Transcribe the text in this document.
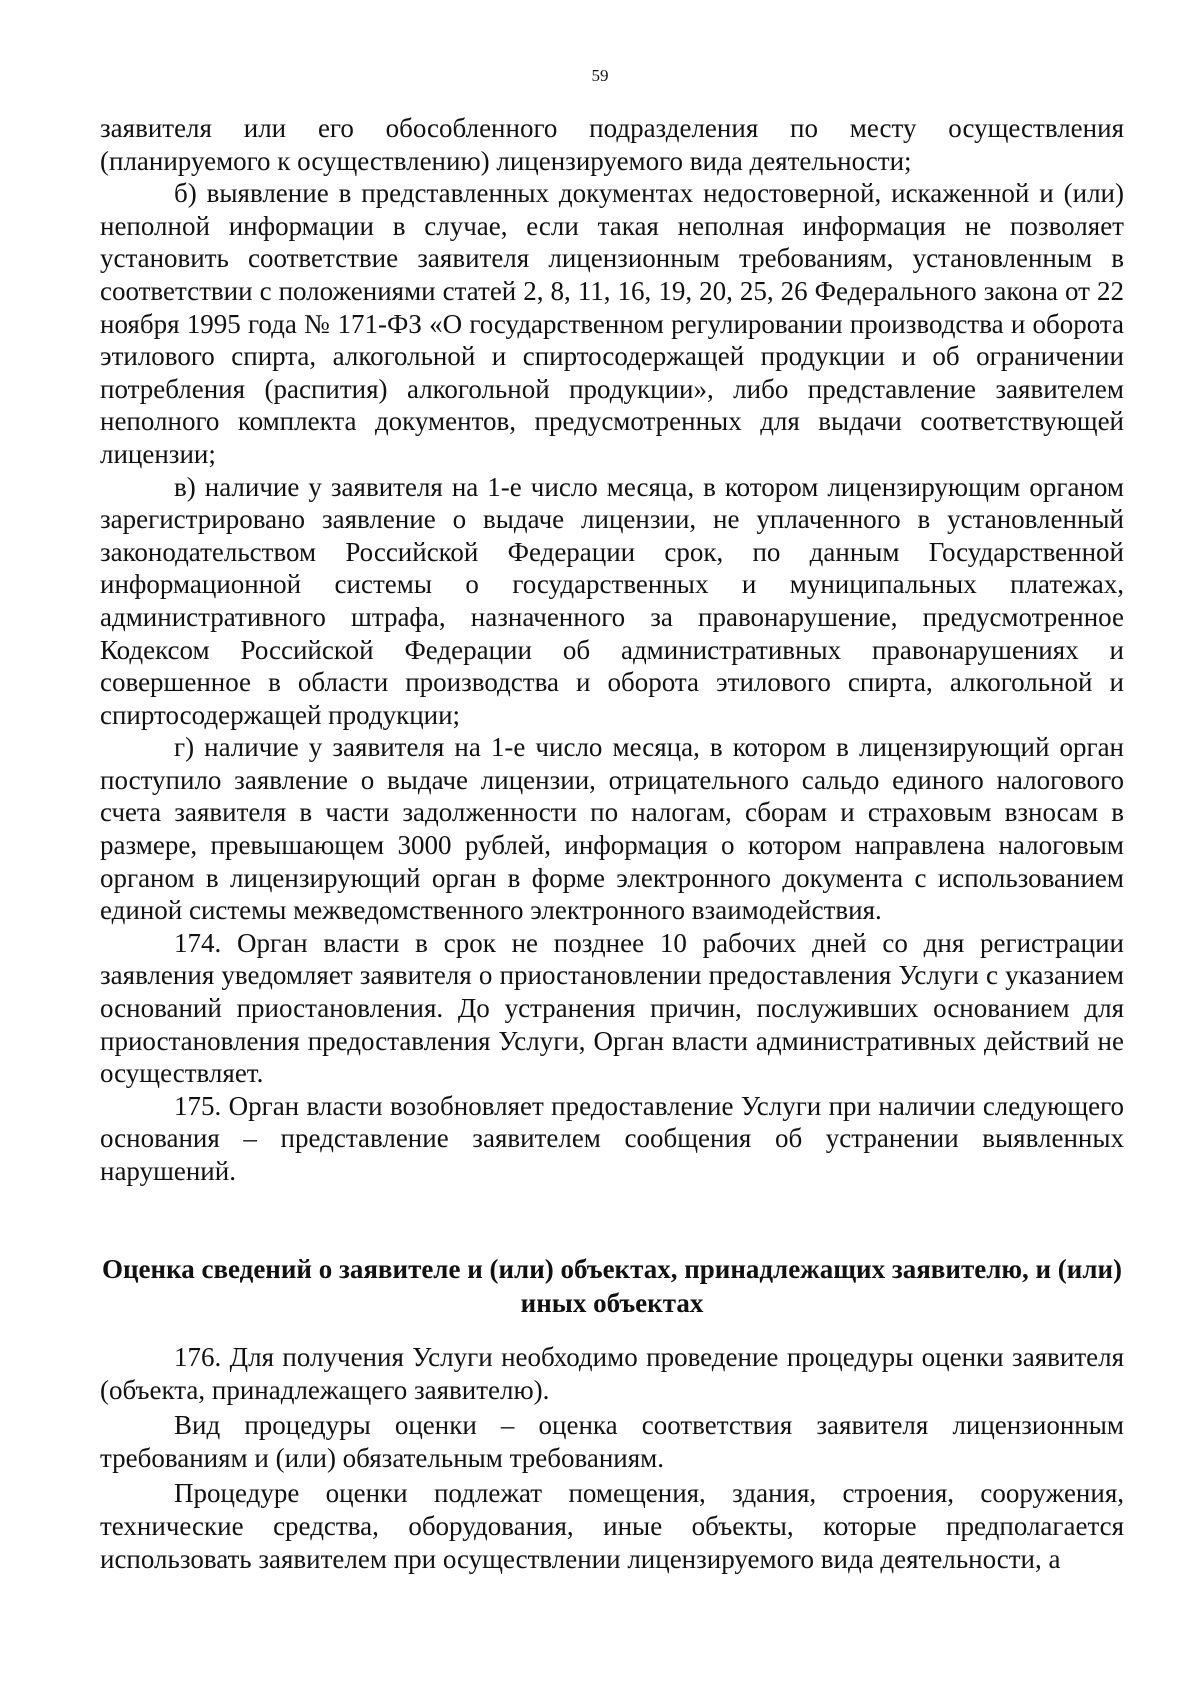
59

заявителя или его обособленного подразделения по месту осуществления (планируемого к осуществлению) лицензируемого вида деятельности;

б) выявление в представленных документах недостоверной, искаженной и (или) неполной информации в случае, если такая неполная информация не позволяет установить соответствие заявителя лицензионным требованиям, установленным в соответствии с положениями статей 2, 8, 11, 16, 19, 20, 25, 26 Федерального закона от 22 ноября 1995 года № 171-ФЗ «О государственном регулировании производства и оборота этилового спирта, алкогольной и спиртосодержащей продукции и об ограничении потребления (распития) алкогольной продукции», либо представление заявителем неполного комплекта документов, предусмотренных для выдачи соответствующей лицензии;

в) наличие у заявителя на 1-е число месяца, в котором лицензирующим органом зарегистрировано заявление о выдаче лицензии, не уплаченного в установленный законодательством Российской Федерации срок, по данным Государственной информационной системы о государственных и муниципальных платежах, административного штрафа, назначенного за правонарушение, предусмотренное Кодексом Российской Федерации об административных правонарушениях и совершенное в области производства и оборота этилового спирта, алкогольной и спиртосодержащей продукции;

г) наличие у заявителя на 1-е число месяца, в котором в лицензирующий орган поступило заявление о выдаче лицензии, отрицательного сальдо единого налогового счета заявителя в части задолженности по налогам, сборам и страховым взносам в размере, превышающем 3000 рублей, информация о котором направлена налоговым органом в лицензирующий орган в форме электронного документа с использованием единой системы межведомственного электронного взаимодействия.

174. Орган власти в срок не позднее 10 рабочих дней со дня регистрации заявления уведомляет заявителя о приостановлении предоставления Услуги с указанием оснований приостановления. До устранения причин, послуживших основанием для приостановления предоставления Услуги, Орган власти административных действий не осуществляет.

175. Орган власти возобновляет предоставление Услуги при наличии следующего основания – представление заявителем сообщения об устранении выявленных нарушений.

Оценка сведений о заявителе и (или) объектах, принадлежащих заявителю, и (или) иных объектах

176. Для получения Услуги необходимо проведение процедуры оценки заявителя (объекта, принадлежащего заявителю).

Вид процедуры оценки – оценка соответствия заявителя лицензионным требованиям и (или) обязательным требованиям.

Процедуре оценки подлежат помещения, здания, строения, сооружения, технические средства, оборудования, иные объекты, которые предполагается использовать заявителем при осуществлении лицензируемого вида деятельности, а
